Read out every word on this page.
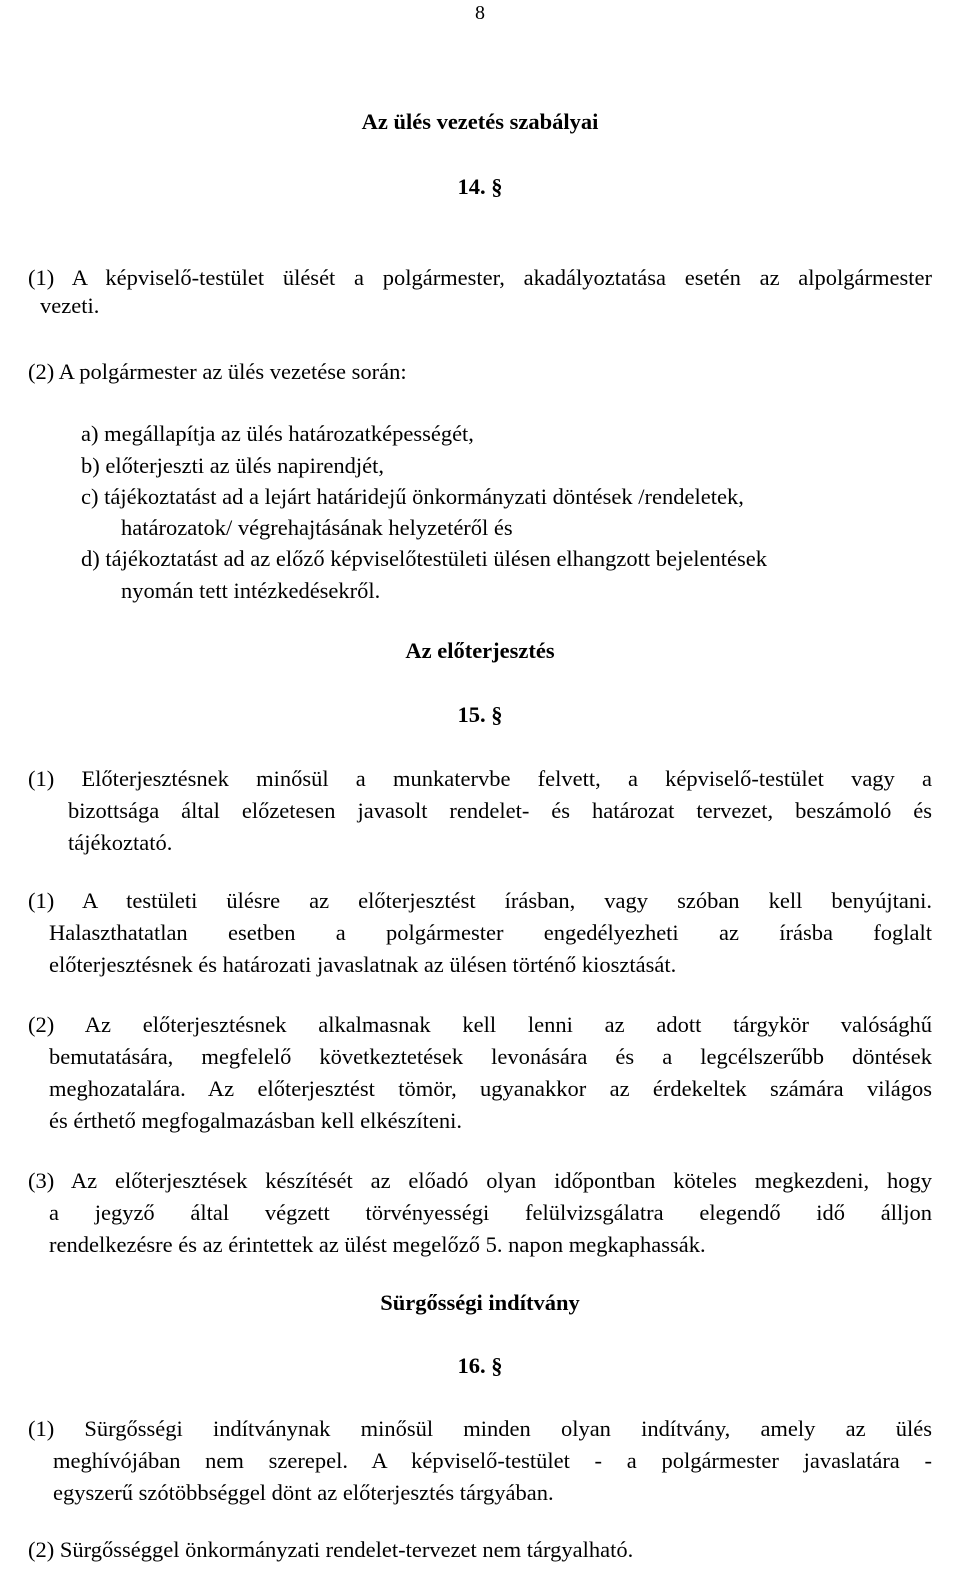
8
Az ülés vezetés szabályai
14. §
(1) A képviselő-testület ülését a polgármester, akadályoztatása esetén az alpolgármester
vezeti.
(2) A polgármester az ülés vezetése során:
a) megállapítja az ülés határozatképességét,
b) előterjeszti az ülés napirendjét,
c) tájékoztatást ad a lejárt határidejű önkormányzati döntések /rendeletek,
határozatok/ végrehajtásának helyzetéről és
d) tájékoztatást ad az előző képviselőtestületi ülésen elhangzott bejelentések
nyomán tett intézkedésekről.
Az előterjesztés
15. §
(1) Előterjesztésnek minősül a munkatervbe felvett, a képviselő-testület vagy a
bizottsága által előzetesen javasolt rendelet- és határozat tervezet, beszámoló és
tájékoztató.
(1) A testületi ülésre az előterjesztést írásban, vagy szóban kell benyújtani.
Halaszthatatlan esetben a polgármester engedélyezheti az írásba foglalt
előterjesztésnek és határozati javaslatnak az ülésen történő kiosztását.
(2) Az előterjesztésnek alkalmasnak kell lenni az adott tárgykör valósághű
bemutatására, megfelelő következtetések levonására és a legcélszerűbb döntések
meghozatalára. Az előterjesztést tömör, ugyanakkor az érdekeltek számára világos
és érthető megfogalmazásban kell elkészíteni.
(3) Az előterjesztések készítését az előadó olyan időpontban köteles megkezdeni, hogy
a jegyző által végzett törvényességi felülvizsgálatra elegendő idő álljon
rendelkezésre és az érintettek az ülést megelőző 5. napon megkaphassák.
Sürgősségi indítvány
16. §
(1) Sürgősségi indítványnak minősül minden olyan indítvány, amely az ülés
meghívójában nem szerepel. A képviselő-testület - a polgármester javaslatára -
egyszerű szótöbbséggel dönt az előterjesztés tárgyában.
(2) Sürgősséggel önkormányzati rendelet-tervezet nem tárgyalható.
